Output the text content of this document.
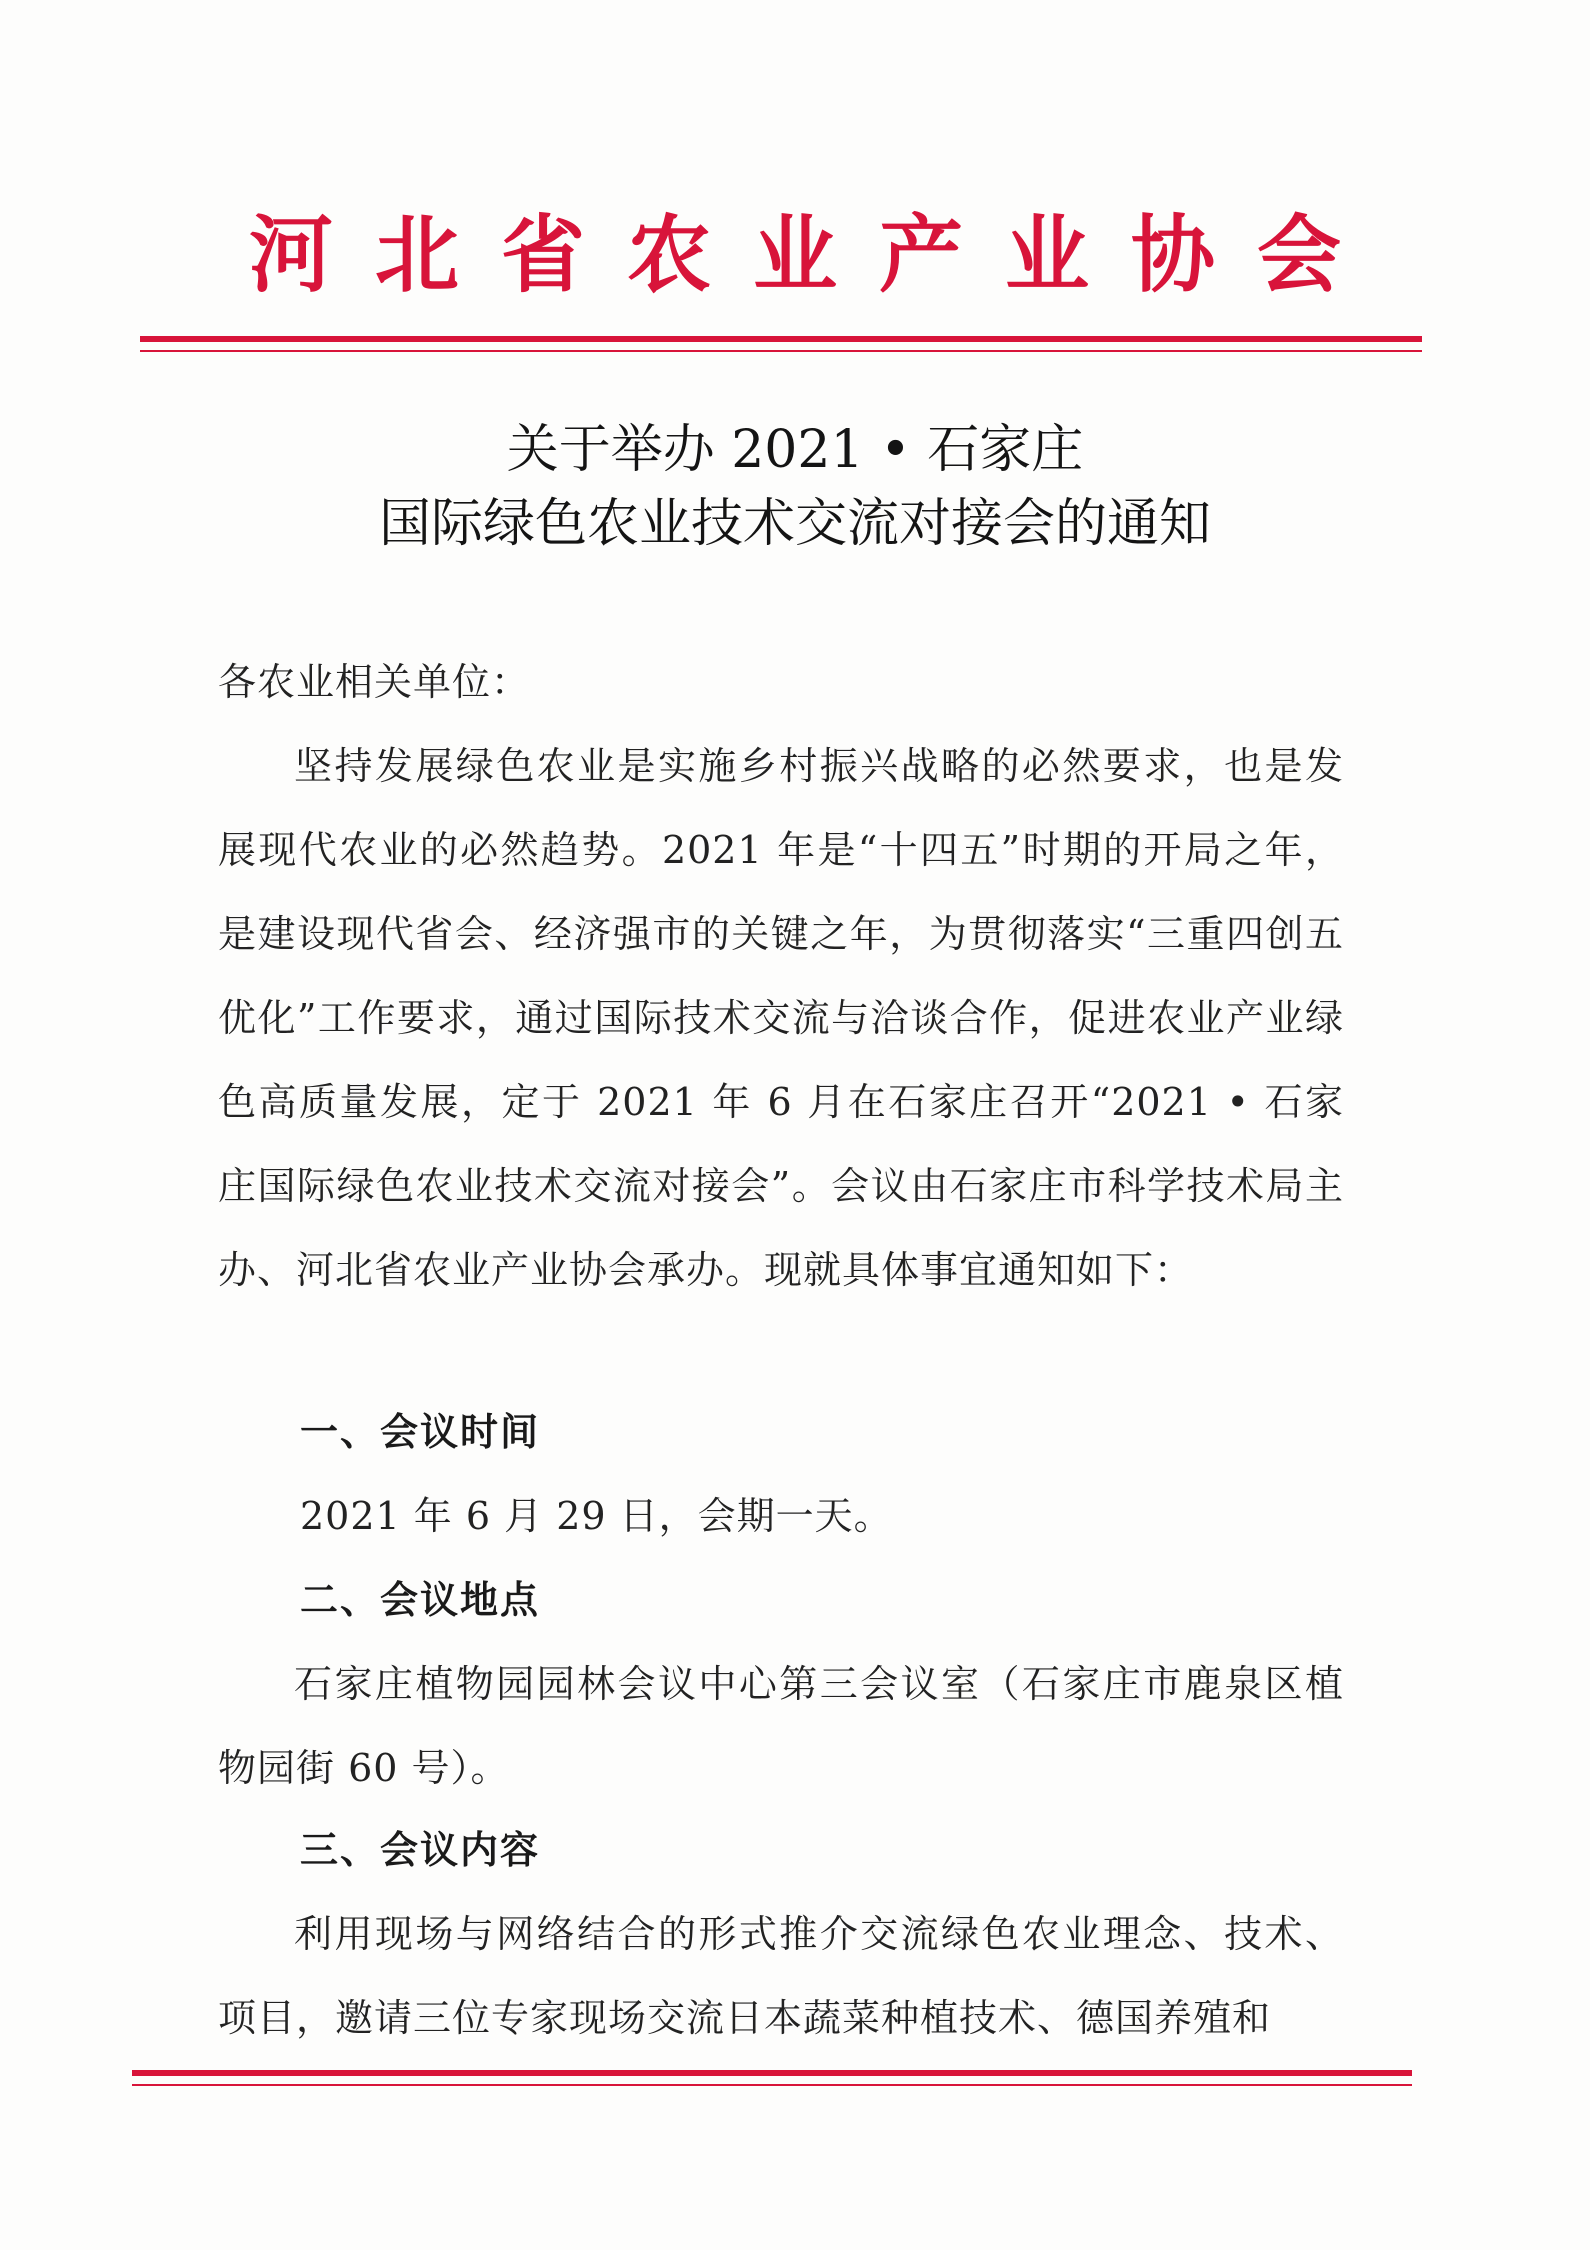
河北省农业产业协会
关于举办 2021 • 石家庄
国际绿色农业技术交流对接会的通知
各农业相关单位：
坚持发展绿色农业是实施乡村振兴战略的必然要求，也是发展现代农业的必然趋势。2021 年是“十四五”时期的开局之年，是建设现代省会、经济强市的关键之年，为贯彻落实“三重四创五优化”工作要求，通过国际技术交流与洽谈合作，促进农业产业绿色高质量发展，定于 2021 年 6 月在石家庄召开“2021 • 石家庄国际绿色农业技术交流对接会”。会议由石家庄市科学技术局主办、河北省农业产业协会承办。现就具体事宜通知如下：
一、会议时间
2021 年 6 月 29 日，会期一天。
二、会议地点
石家庄植物园园林会议中心第三会议室（石家庄市鹿泉区植物园街 60 号）。
三、会议内容
利用现场与网络结合的形式推介交流绿色农业理念、技术、项目，邀请三位专家现场交流日本蔬菜种植技术、德国养殖和
